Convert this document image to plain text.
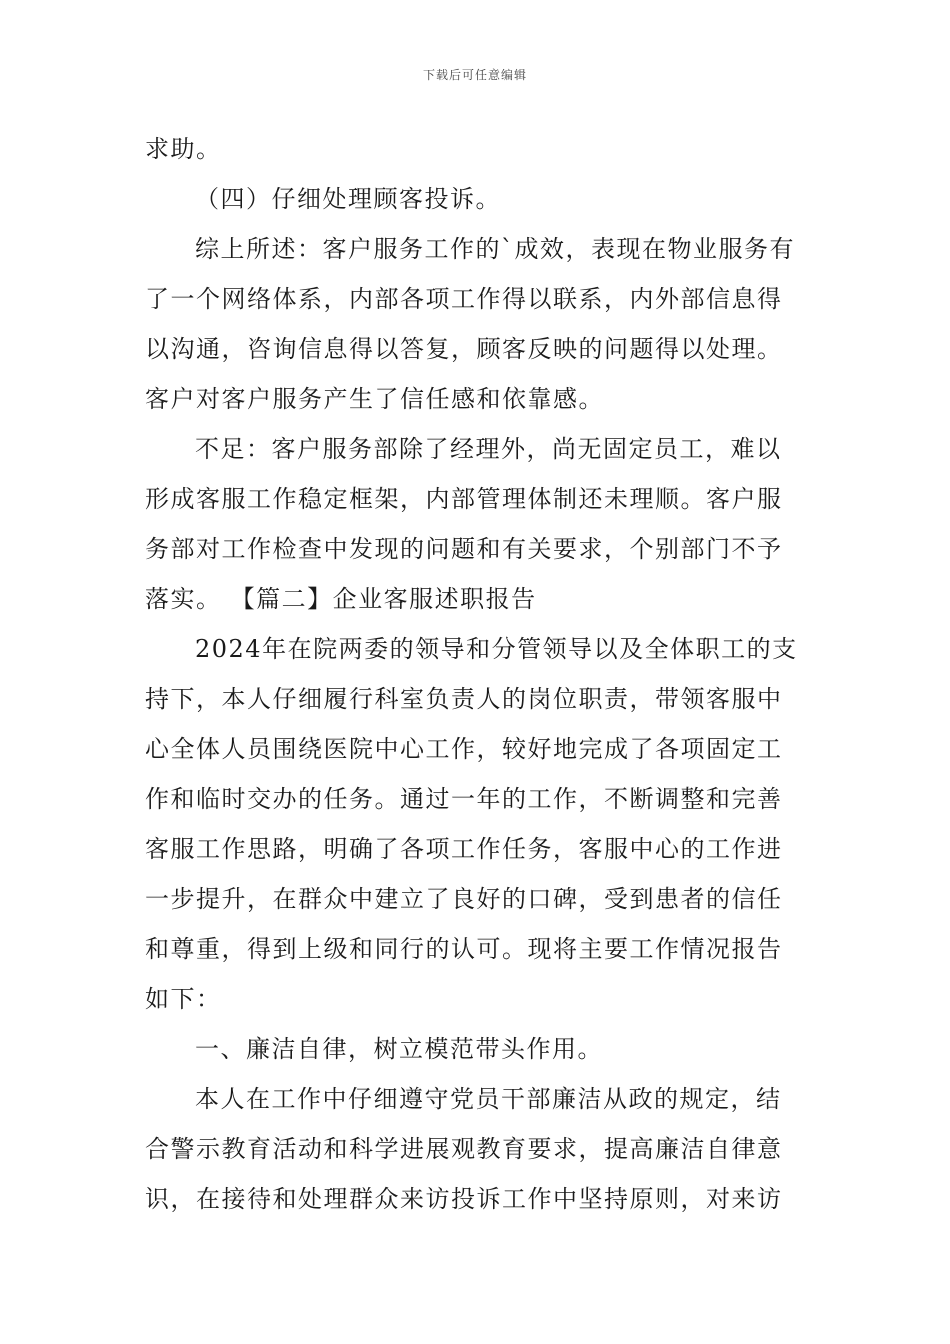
下载后可任意编辑
求助。
（四）仔细处理顾客投诉。
综上所述：客户服务工作的`成效，表现在物业服务有
了一个网络体系，内部各项工作得以联系，内外部信息得
以沟通，咨询信息得以答复，顾客反映的问题得以处理。
客户对客户服务产生了信任感和依靠感。
不足：客户服务部除了经理外，尚无固定员工，难以
形成客服工作稳定框架，内部管理体制还未理顺。客户服
务部对工作检查中发现的问题和有关要求，个别部门不予
落实。 【篇二】企业客服述职报告
2024年在院两委的领导和分管领导以及全体职工的支
持下，本人仔细履行科室负责人的岗位职责，带领客服中
心全体人员围绕医院中心工作，较好地完成了各项固定工
作和临时交办的任务。通过一年的工作，不断调整和完善
客服工作思路，明确了各项工作任务，客服中心的工作进
一步提升，在群众中建立了良好的口碑，受到患者的信任
和尊重，得到上级和同行的认可。现将主要工作情况报告
如下：
一、廉洁自律，树立模范带头作用。
本人在工作中仔细遵守党员干部廉洁从政的规定，结
合警示教育活动和科学进展观教育要求，提高廉洁自律意
识，在接待和处理群众来访投诉工作中坚持原则，对来访
